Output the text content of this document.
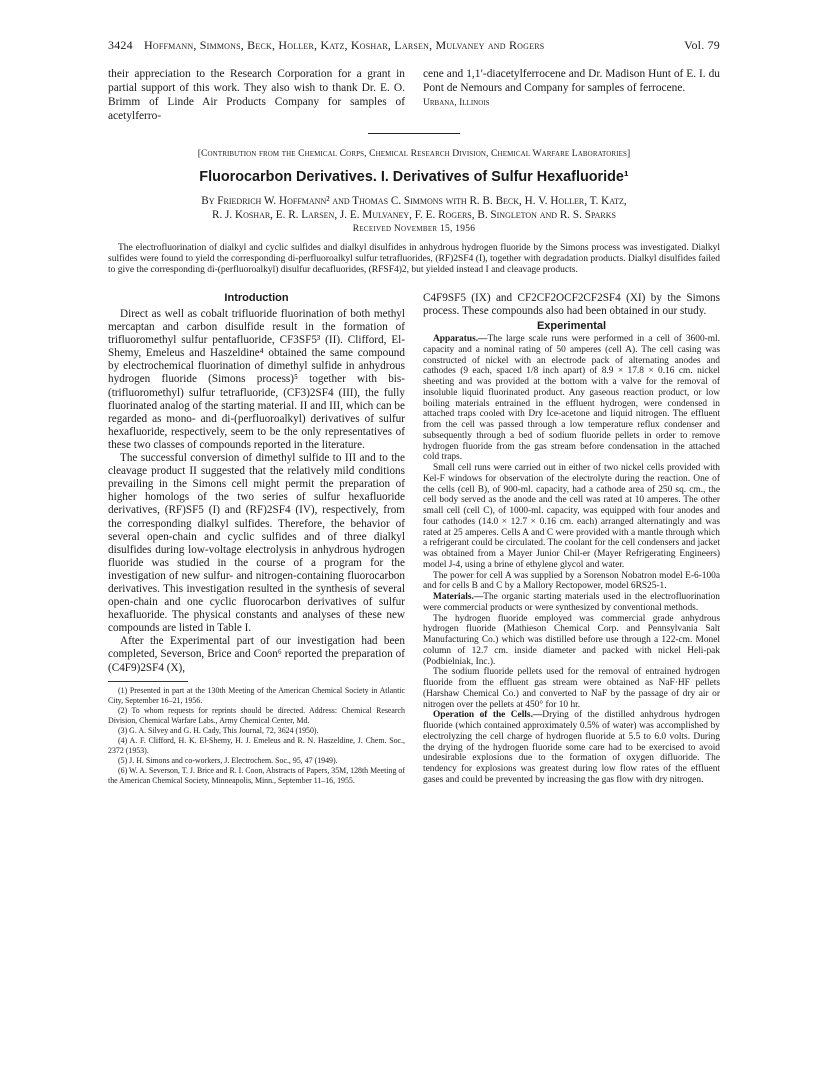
3424 Hoffmann, Simmons, Beck, Holler, Katz, Koshar, Larsen, Mulvaney and Rogers	Vol. 79

their appreciation to the Research Corporation for a grant in partial support of this work. They also wish to thank Dr. E. O. Brimm of Linde Air Products Company for samples of acetylferro-

cene and 1,1′-diacetylferrocene and Dr. Madison Hunt of E. I. du Pont de Nemours and Company for samples of ferrocene.

Urbana, Illinois
[Contribution from the Chemical Corps, Chemical Research Division, Chemical Warfare Laboratories]
Fluorocarbon Derivatives. I. Derivatives of Sulfur Hexafluoride¹
By Friedrich W. Hoffmann² and Thomas C. Simmons with R. B. Beck, H. V. Holler, T. Katz,
R. J. Koshar, E. R. Larsen, J. E. Mulvaney, F. E. Rogers, B. Singleton and R. S. Sparks
Received November 15, 1956

The electrofluorination of dialkyl and cyclic sulfides and dialkyl disulfides in anhydrous hydrogen fluoride by the Simons process was investigated. Dialkyl sulfides were found to yield the corresponding di-perfluoroalkyl sulfur tetrafluorides, (RF)2SF4 (I), together with degradation products. Dialkyl disulfides failed to give the corresponding di-(perfluoroalkyl) disulfur decafluorides, (RFSF4)2, but yielded instead I and cleavage products.

Introduction

Direct as well as cobalt trifluoride fluorination of both methyl mercaptan and carbon disulfide result in the formation of trifluoromethyl sulfur pentafluoride, CF3SF5³ (II). Clifford, El-Shemy, Emeleus and Haszeldine⁴ obtained the same compound by electrochemical fluorination of dimethyl sulfide in anhydrous hydrogen fluoride (Simons process)⁵ together with bis-(trifluoromethyl) sulfur tetrafluoride, (CF3)2SF4 (III), the fully fluorinated analog of the starting material. II and III, which can be regarded as mono- and di-(perfluoroalkyl) derivatives of sulfur hexafluoride, respectively, seem to be the only representatives of these two classes of compounds reported in the literature.

The successful conversion of dimethyl sulfide to III and to the cleavage product II suggested that the relatively mild conditions prevailing in the Simons cell might permit the preparation of higher homologs of the two series of sulfur hexafluoride derivatives, (RF)SF5 (I) and (RF)2SF4 (IV), respectively, from the corresponding dialkyl sulfides. Therefore, the behavior of several open-chain and cyclic sulfides and of three dialkyl disulfides during low-voltage electrolysis in anhydrous hydrogen fluoride was studied in the course of a program for the investigation of new sulfur- and nitrogen-containing fluorocarbon derivatives. This investigation resulted in the synthesis of several open-chain and one cyclic fluorocarbon derivatives of sulfur hexafluoride. The physical constants and analyses of these new compounds are listed in Table I.

After the Experimental part of our investigation had been completed, Severson, Brice and Coon⁶ reported the preparation of (C4F9)2SF4 (X),

(1) Presented in part at the 130th Meeting of the American Chemical Society in Atlantic City, September 16–21, 1956.

(2) To whom requests for reprints should be directed. Address: Chemical Research Division, Chemical Warfare Labs., Army Chemical Center, Md.

(3) G. A. Silvey and G. H. Cady, This Journal, 72, 3624 (1950).

(4) A. F. Clifford, H. K. El-Shemy, H. J. Emeleus and R. N. Haszeldine, J. Chem. Soc., 2372 (1953).

(5) J. H. Simons and co-workers, J. Electrochem. Soc., 95, 47 (1949).

(6) W. A. Severson, T. J. Brice and R. I. Coon, Abstracts of Papers, 35M, 128th Meeting of the American Chemical Society, Minneapolis, Minn., September 11–16, 1955.

C4F9SF5 (IX) and CF2CF2OCF2CF2SF4 (XI) by the Simons process. These compounds also had been obtained in our study.

Experimental

Apparatus.—The large scale runs were performed in a cell of 3600-ml. capacity and a nominal rating of 50 amperes (cell A). The cell casing was constructed of nickel with an electrode pack of alternating anodes and cathodes (9 each, spaced 1/8 inch apart) of 8.9 × 17.8 × 0.16 cm. nickel sheeting and was provided at the bottom with a valve for the removal of insoluble liquid fluorinated product. Any gaseous reaction product, or low boiling materials entrained in the effluent hydrogen, were condensed in attached traps cooled with Dry Ice-acetone and liquid nitrogen. The effluent from the cell was passed through a low temperature reflux condenser and subsequently through a bed of sodium fluoride pellets in order to remove hydrogen fluoride from the gas stream before condensation in the attached cold traps.

Small cell runs were carried out in either of two nickel cells provided with Kel-F windows for observation of the electrolyte during the reaction. One of the cells (cell B), of 900-ml. capacity, had a cathode area of 250 sq. cm., the cell body served as the anode and the cell was rated at 10 amperes. The other small cell (cell C), of 1000-ml. capacity, was equipped with four anodes and four cathodes (14.0 × 12.7 × 0.16 cm. each) arranged alternatingly and was rated at 25 amperes. Cells A and C were provided with a mantle through which a refrigerant could be circulated. The coolant for the cell condensers and jacket was obtained from a Mayer Junior Chil-er (Mayer Refrigerating Engineers) model J-4, using a brine of ethylene glycol and water.

The power for cell A was supplied by a Sorenson Nobatron model E-6-100a and for cells B and C by a Mallory Rectopower, model 6RS25-1.

Materials.—The organic starting materials used in the electrofluorination were commercial products or were synthesized by conventional methods.

The hydrogen fluoride employed was commercial grade anhydrous hydrogen fluoride (Mathieson Chemical Corp. and Pennsylvania Salt Manufacturing Co.) which was distilled before use through a 122-cm. Monel column of 12.7 cm. inside diameter and packed with nickel Heli-pak (Podbielniak, Inc.).

The sodium fluoride pellets used for the removal of entrained hydrogen fluoride from the effluent gas stream were obtained as NaF·HF pellets (Harshaw Chemical Co.) and converted to NaF by the passage of dry air or nitrogen over the pellets at 450° for 10 hr.

Operation of the Cells.—Drying of the distilled anhydrous hydrogen fluoride (which contained approximately 0.5% of water) was accomplished by electrolyzing the cell charge of hydrogen fluoride at 5.5 to 6.0 volts. During the drying of the hydrogen fluoride some care had to be exercised to avoid undesirable explosions due to the formation of oxygen difluoride. The tendency for explosions was greatest during low flow rates of the effluent gases and could be prevented by increasing the gas flow with dry nitrogen.
